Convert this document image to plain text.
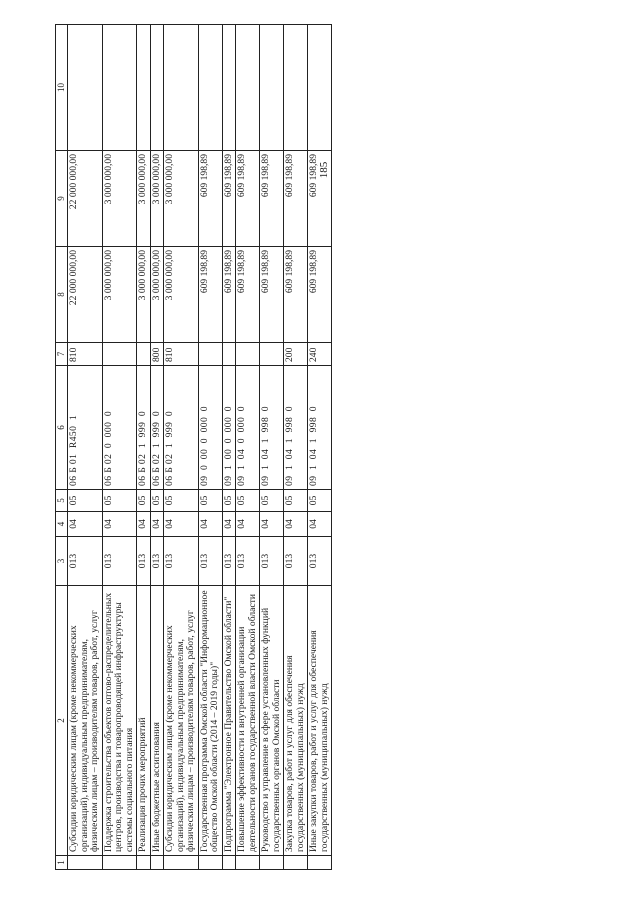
185
1	2	3	4	5	6	7	8	9	10
	Субсидии юридическим лицам (кроме некоммерческих организаций), индивидуальным предпринимателям, физическим лицам – производителям товаров, работ, услуг	013	04	05	06 Б 01  R450  1	810	22 000 000,00	22 000 000,00	
	Поддержка строительства объектов оптово-распределительных центров, производства и товаропроводящей инфраструктуры системы социального питания	013	04	05	06 Б 02  0  000  0		3 000 000,00	3 000 000,00	
	Реализация прочих мероприятий	013	04	05	06 Б 02  1  999  0		3 000 000,00	3 000 000,00	
	Иные бюджетные ассигнования	013	04	05	06 Б 02  1  999  0	800	3 000 000,00	3 000 000,00	
	Субсидии юридическим лицам (кроме некоммерческих организаций), индивидуальным предпринимателям, физическим лицам – производителям товаров, работ, услуг	013	04	05	06 Б 02  1  999  0	810	3 000 000,00	3 000 000,00	
	Государственная программа Омской области "Информационное общество Омской области (2014 – 2019 годы)"	013	04	05	09  0  00  0  000  0		609 198,89	609 198,89	
	Подпрограмма "Электронное Правительство Омской области"	013	04	05	09  1  00  0  000  0		609 198,89	609 198,89	
	Повышение эффективности и внутренней организации деятельности органов государственной власти Омской области	013	04	05	09  1  04  0  000  0		609 198,89	609 198,89	
	Руководство и управление в сфере установленных функций государственных органов Омской области	013	04	05	09  1  04  1  998  0		609 198,89	609 198,89	
	Закупка товаров, работ и услуг для обеспечения государственных (муниципальных) нужд	013	04	05	09  1  04  1  998  0	200	609 198,89	609 198,89	
	Иные закупки товаров, работ и услуг для обеспечения государственных (муниципальных) нужд	013	04	05	09  1  04  1  998  0	240	609 198,89	609 198,89	
